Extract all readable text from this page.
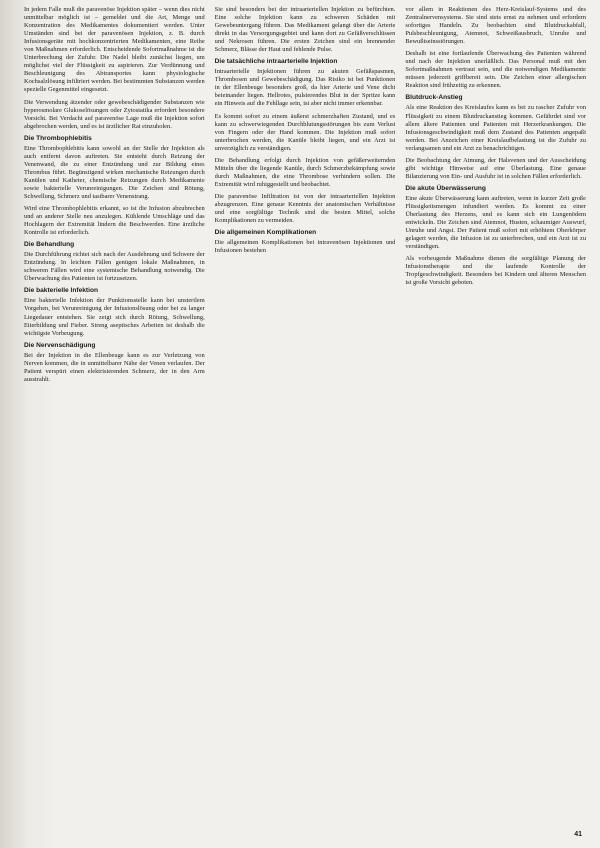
In jedem Falle muß die paravenöse Injektion später – wenn dies nicht unmittelbar möglich ist – gemeldet und die Art, Menge und Konzentration des Medikamentes dokumentiert werden. Unter Umständen sind bei der paravenösen Injektion, z. B. durch Infusionsgeräte mit hochkonzentrierten Medikamenten, eine Reihe von Maßnahmen erforderlich. Entscheidende Sofortmaßnahme ist die Unterbrechung der Zufuhr. Die Nadel bleibt zunächst liegen, um möglichst viel der Flüssigkeit zu aspirieren. Zur Verdünnung und Beschleunigung des Abtransportes kann physiologische Kochsalzlösung infiltriert werden. Bei bestimmten Substanzen werden spezielle Gegenmittel eingesetzt.

Die Verwendung ätzender oder gewebeschädigender Substanzen wie hyperosmolare Glukoselösungen oder Zytostatika erfordert besondere Vorsicht. Bei Verdacht auf paravenöse Lage muß die Injektion sofort abgebrochen werden, und es ist ärztlicher Rat einzuholen.

Die Thrombophlebitis

Eine Thrombophlebitis kann sowohl an der Stelle der Injektion als auch entfernt davon auftreten. Sie entsteht durch Reizung der Venenwand, die zu einer Entzündung und zur Bildung eines Thrombus führt. Begünstigend wirken mechanische Reizungen durch Kanülen und Katheter, chemische Reizungen durch Medikamente sowie bakterielle Verunreinigungen. Die Zeichen sind Rötung, Schwellung, Schmerz und tastbarer Venenstrang.

Wird eine Thrombophlebitis erkannt, so ist die Infusion abzubrechen und an anderer Stelle neu anzulegen. Kühlende Umschläge und das Hochlagern der Extremität lindern die Beschwerden. Eine ärztliche Kontrolle ist erforderlich.

Die Behandlung

Die Durchführung richtet sich nach der Ausdehnung und Schwere der Entzündung. In leichten Fällen genügen lokale Maßnahmen, in schweren Fällen wird eine systemische Behandlung notwendig. Die Überwachung des Patienten ist fortzusetzen.

Die bakterielle Infektion

Eine bakterielle Infektion der Punktionsstelle kann bei unsterilem Vorgehen, bei Verunreinigung der Infusionslösung oder bei zu langer Liegedauer entstehen. Sie zeigt sich durch Rötung, Schwellung, Eiterbildung und Fieber. Streng aseptisches Arbeiten ist deshalb die wichtigste Vorbeugung.

Die Nervenschädigung

Bei der Injektion in die Ellenbeuge kann es zur Verletzung von Nerven kommen, die in unmittelbarer Nähe der Venen verlaufen. Der Patient verspürt einen elektrisierenden Schmerz, der in den Arm ausstrahlt.

Sie sind besonders bei der intraarteriellen Injektion zu befürchten. Eine solche Injektion kann zu schweren Schäden mit Gewebeuntergang führen. Das Medikament gelangt über die Arterie direkt in das Versorgungsgebiet und kann dort zu Gefäßverschlüssen und Nekrosen führen. Die ersten Zeichen sind ein brennender Schmerz, Blässe der Haut und fehlende Pulse.

Die tatsächliche intraarterielle Injektion

Intraarterielle Injektionen führen zu akuten Gefäßspasmen, Thrombosen und Gewebeschädigung. Das Risiko ist bei Punktionen in der Ellenbeuge besonders groß, da hier Arterie und Vene dicht beieinander liegen. Hellrotes, pulsierendes Blut in der Spritze kann ein Hinweis auf die Fehllage sein, ist aber nicht immer erkennbar.

Es kommt sofort zu einem äußerst schmerzhaften Zustand, und es kann zu schwerwiegenden Durchblutungsstörungen bis zum Verlust von Fingern oder der Hand kommen. Die Injektion muß sofort unterbrochen werden, die Kanüle bleibt liegen, und ein Arzt ist unverzüglich zu verständigen.

Die Behandlung erfolgt durch Injektion von gefäßerweiternden Mitteln über die liegende Kanüle, durch Schmerzbekämpfung sowie durch Maßnahmen, die eine Thrombose verhindern sollen. Die Extremität wird ruhiggestellt und beobachtet.

Die paravenöse Infiltration ist von der intraarteriellen Injektion abzugrenzen. Eine genaue Kenntnis der anatomischen Verhältnisse und eine sorgfältige Technik sind die besten Mittel, solche Komplikationen zu vermeiden.

Die allgemeinen Komplikationen

Die allgemeinen Komplikationen bei intravenösen Injektionen und Infusionen bestehen

vor allem in Reaktionen des Herz-Kreislauf-Systems und des Zentralnervensystems. Sie sind stets ernst zu nehmen und erfordern sofortiges Handeln. Zu beobachten sind Blutdruckabfall, Pulsbeschleunigung, Atemnot, Schweißausbruch, Unruhe und Bewußtseinsstörungen.

Deshalb ist eine fortlaufende Überwachung des Patienten während und nach der Injektion unerläßlich. Das Personal muß mit den Sofortmaßnahmen vertraut sein, und die notwendigen Medikamente müssen jederzeit griffbereit sein. Die Zeichen einer allergischen Reaktion sind frühzeitig zu erkennen.

Blutdruck-Anstieg

Als eine Reaktion des Kreislaufes kann es bei zu rascher Zufuhr von Flüssigkeit zu einem Blutdruckanstieg kommen. Gefährdet sind vor allem ältere Patienten und Patienten mit Herzerkrankungen. Die Infusionsgeschwindigkeit muß dem Zustand des Patienten angepaßt werden. Bei Anzeichen einer Kreislaufbelastung ist die Zufuhr zu verlangsamen und ein Arzt zu benachrichtigen.

Die Beobachtung der Atmung, der Halsvenen und der Ausscheidung gibt wichtige Hinweise auf eine Überlastung. Eine genaue Bilanzierung von Ein- und Ausfuhr ist in solchen Fällen erforderlich.

Die akute Überwässerung

Eine akute Überwässerung kann auftreten, wenn in kurzer Zeit große Flüssigkeitsmengen infundiert werden. Es kommt zu einer Überlastung des Herzens, und es kann sich ein Lungenödem entwickeln. Die Zeichen sind Atemnot, Husten, schaumiger Auswurf, Unruhe und Angst. Der Patient muß sofort mit erhöhtem Oberkörper gelagert werden, die Infusion ist zu unterbrechen, und ein Arzt ist zu verständigen.

Als vorbeugende Maßnahme dienen die sorgfältige Planung der Infusionstherapie und die laufende Kontrolle der Tropfgeschwindigkeit. Besonders bei Kindern und älteren Menschen ist große Vorsicht geboten.

41
